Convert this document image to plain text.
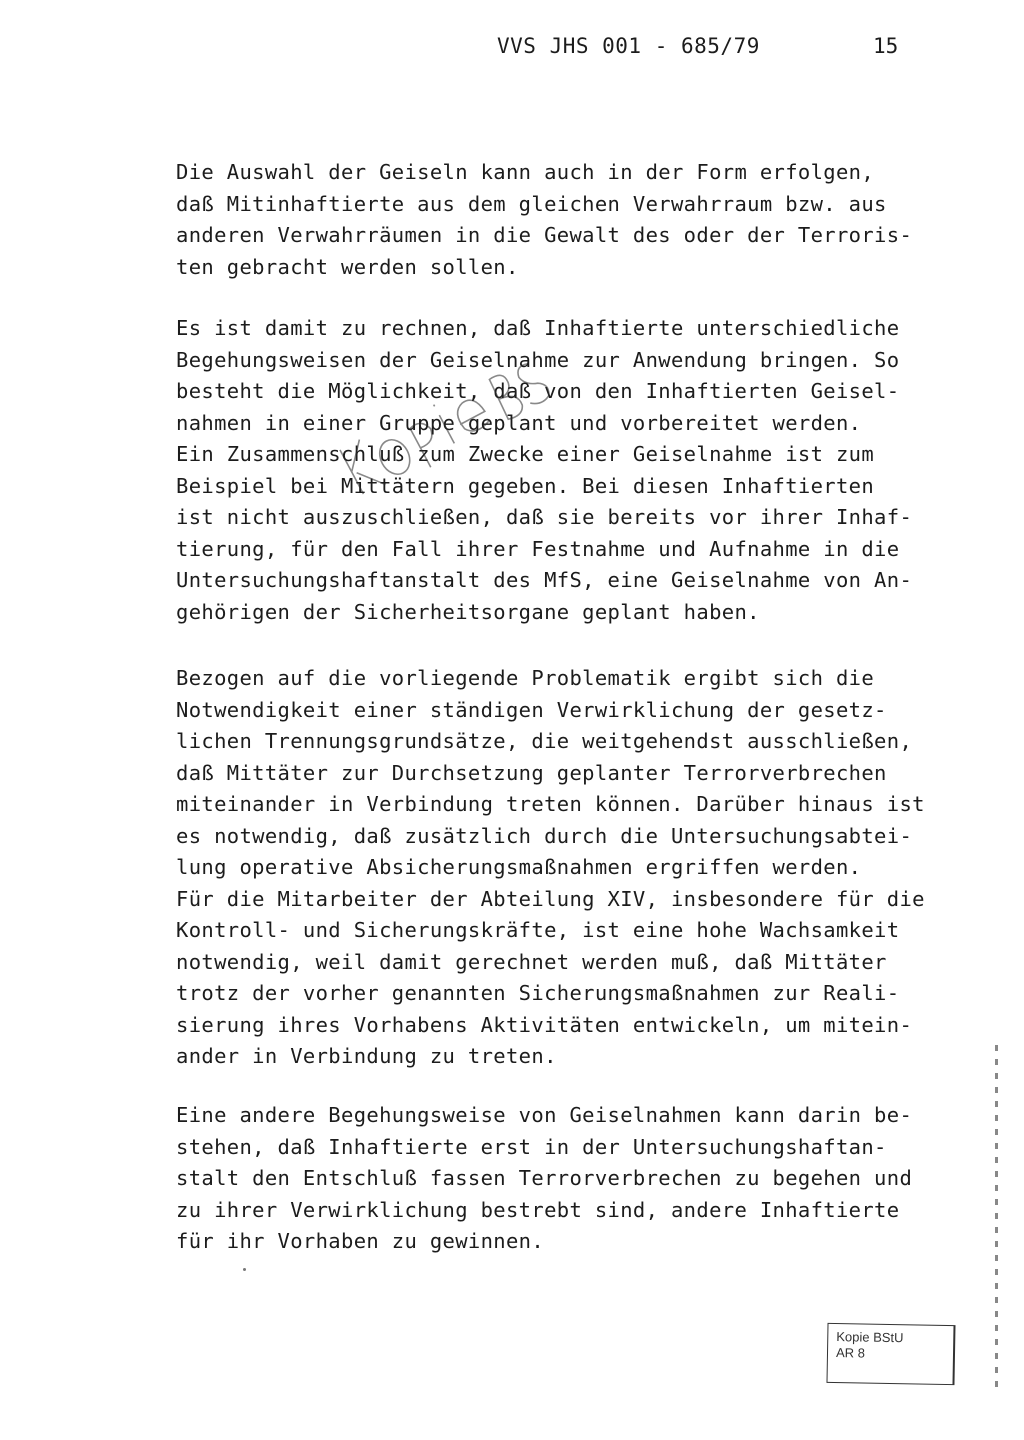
VVS JHS 001 - 685/79	15
Die Auswahl der Geiseln kann auch in der Form erfolgen,
daß Mitinhaftierte aus dem gleichen Verwahrraum bzw. aus
anderen Verwahrräumen in die Gewalt des oder der Terroris-
ten gebracht werden sollen.
Es ist damit zu rechnen, daß Inhaftierte unterschiedliche
Begehungsweisen der Geiselnahme zur Anwendung bringen. So
besteht die Möglichkeit, daß von den Inhaftierten Geisel-
nahmen in einer Gruppe geplant und vorbereitet werden.
Ein Zusammenschluß zum Zwecke einer Geiselnahme ist zum
Beispiel bei Mittätern gegeben. Bei diesen Inhaftierten
ist nicht auszuschließen, daß sie bereits vor ihrer Inhaf-
tierung, für den Fall ihrer Festnahme und Aufnahme in die
Untersuchungshaftanstalt des MfS, eine Geiselnahme von An-
gehörigen der Sicherheitsorgane geplant haben.
Bezogen auf die vorliegende Problematik ergibt sich die
Notwendigkeit einer ständigen Verwirklichung der gesetz-
lichen Trennungsgrundsätze, die weitgehendst ausschließen,
daß Mittäter zur Durchsetzung geplanter Terrorverbrechen
miteinander in Verbindung treten können. Darüber hinaus ist
es notwendig, daß zusätzlich durch die Untersuchungsabtei-
lung operative Absicherungsmaßnahmen ergriffen werden.
Für die Mitarbeiter der Abteilung XIV, insbesondere für die
Kontroll- und Sicherungskräfte, ist eine hohe Wachsamkeit
notwendig, weil damit gerechnet werden muß, daß Mittäter
trotz der vorher genannten Sicherungsmaßnahmen zur Reali-
sierung ihres Vorhabens Aktivitäten entwickeln, um mitein-
ander in Verbindung zu treten.
Eine andere Begehungsweise von Geiselnahmen kann darin be-
stehen, daß Inhaftierte erst in der Untersuchungshaftan-
stalt den Entschluß fassen Terrorverbrechen zu begehen und
zu ihrer Verwirklichung bestrebt sind, andere Inhaftierte
für ihr Vorhaben zu gewinnen.
Kopie BStU
AR 8
